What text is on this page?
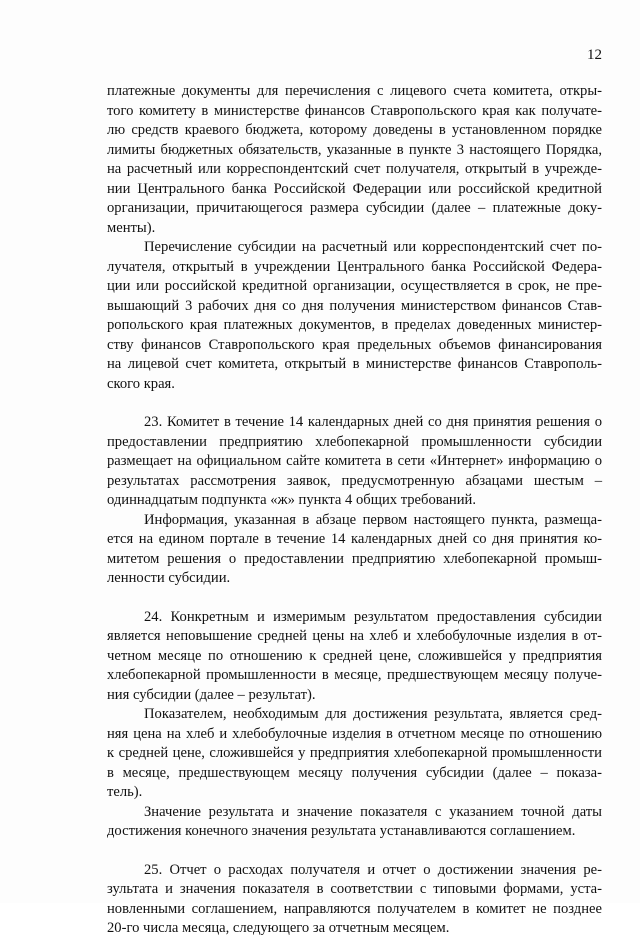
12
платежные документы для перечисления с лицевого счета комитета, откры-
того комитету в министерстве финансов Ставропольского края как получате-
лю средств краевого бюджета, которому доведены в установленном порядке
лимиты бюджетных обязательств, указанные в пункте 3 настоящего Порядка,
на расчетный или корреспондентский счет получателя, открытый в учрежде-
нии Центрального банка Российской Федерации или российской кредитной
организации, причитающегося размера субсидии (далее – платежные доку-
менты).
Перечисление субсидии на расчетный или корреспондентский счет по-
лучателя, открытый в учреждении Центрального банка Российской Федера-
ции или российской кредитной организации, осуществляется в срок, не пре-
вышающий 3 рабочих дня со дня получения министерством финансов Став-
ропольского края платежных документов, в пределах доведенных министер-
ству финансов Ставропольского края предельных объемов финансирования
на лицевой счет комитета, открытый в министерстве финансов Ставрополь-
ского края.
23. Комитет в течение 14 календарных дней со дня принятия решения о
предоставлении предприятию хлебопекарной промышленности субсидии
размещает на официальном сайте комитета в сети «Интернет» информацию о
результатах рассмотрения заявок, предусмотренную абзацами шестым –
одиннадцатым подпункта «ж» пункта 4 общих требований.
Информация, указанная в абзаце первом настоящего пункта, размеща-
ется на едином портале в течение 14 календарных дней со дня принятия ко-
митетом решения о предоставлении предприятию хлебопекарной промыш-
ленности субсидии.
24. Конкретным и измеримым результатом предоставления субсидии
является неповышение средней цены на хлеб и хлебобулочные изделия в от-
четном месяце по отношению к средней цене, сложившейся у предприятия
хлебопекарной промышленности в месяце, предшествующем месяцу получе-
ния субсидии (далее – результат).
Показателем, необходимым для достижения результата, является сред-
няя цена на хлеб и хлебобулочные изделия в отчетном месяце по отношению
к средней цене, сложившейся у предприятия хлебопекарной промышленности
в месяце, предшествующем месяцу получения субсидии (далее – показа-
тель).
Значение результата и значение показателя с указанием точной даты
достижения конечного значения результата устанавливаются соглашением.
25. Отчет о расходах получателя и отчет о достижении значения ре-
зультата и значения показателя в соответствии с типовыми формами, уста-
новленными соглашением, направляются получателем в комитет не позднее
20-го числа месяца, следующего за отчетным месяцем.
